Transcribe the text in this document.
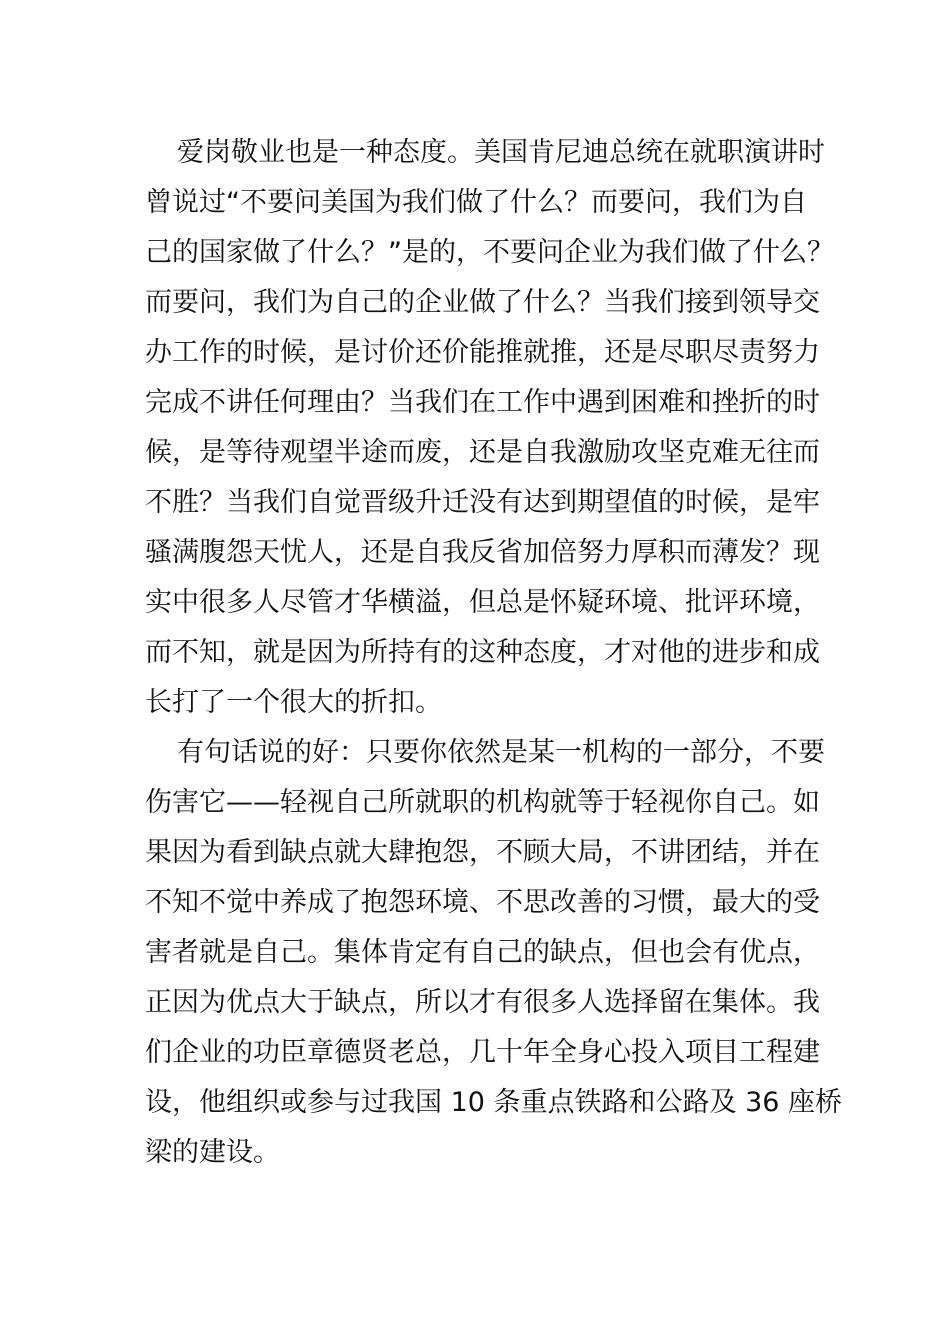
爱岗敬业也是一种态度。美国肯尼迪总统在就职演讲时
曾说过“不要问美国为我们做了什么？而要问，我们为自
己的国家做了什么？”是的，不要问企业为我们做了什么？
而要问，我们为自己的企业做了什么？当我们接到领导交
办工作的时候，是讨价还价能推就推，还是尽职尽责努力
完成不讲任何理由？当我们在工作中遇到困难和挫折的时
候，是等待观望半途而废，还是自我激励攻坚克难无往而
不胜？当我们自觉晋级升迁没有达到期望值的时候，是牢
骚满腹怨天忧人，还是自我反省加倍努力厚积而薄发？现
实中很多人尽管才华横溢，但总是怀疑环境、批评环境，
而不知，就是因为所持有的这种态度，才对他的进步和成
长打了一个很大的折扣。
有句话说的好：只要你依然是某一机构的一部分，不要
伤害它——轻视自己所就职的机构就等于轻视你自己。如
果因为看到缺点就大肆抱怨，不顾大局，不讲团结，并在
不知不觉中养成了抱怨环境、不思改善的习惯，最大的受
害者就是自己。集体肯定有自己的缺点，但也会有优点，
正因为优点大于缺点，所以才有很多人选择留在集体。我
们企业的功臣章德贤老总，几十年全身心投入项目工程建
设，他组织或参与过我国 10 条重点铁路和公路及 36 座桥
梁的建设。
